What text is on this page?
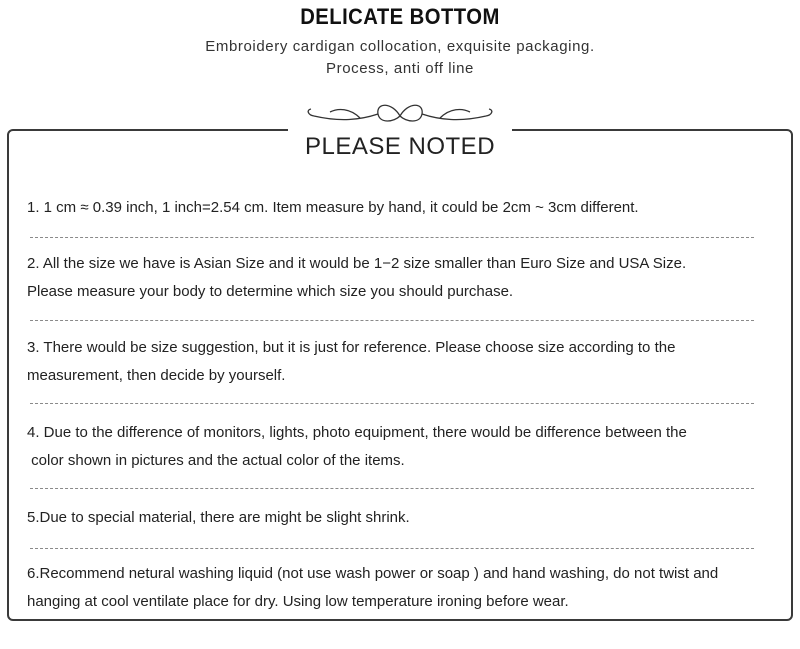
DELICATE BOTTOM
Embroidery cardigan collocation, exquisite packaging.
Process, anti off line
PLEASE NOTED
1. 1 cm ≈ 0.39 inch, 1 inch=2.54 cm. Item measure by hand, it could be 2cm ~ 3cm different.
2. All the size we have is Asian Size and it would be 1−2 size smaller than Euro Size and USA Size.
Please measure your body to determine which size you should purchase.
3. There would be size suggestion, but it is just for reference. Please choose size according to the
measurement, then decide by yourself.
4. Due to the difference of monitors, lights, photo equipment, there would be difference between the
color shown in pictures and the actual color of the items.
5.Due to special material, there are might be slight shrink.
6.Recommend netural washing liquid (not use wash power or soap ) and hand washing, do not twist and
hanging at cool ventilate place for dry. Using low temperature ironing before wear.
